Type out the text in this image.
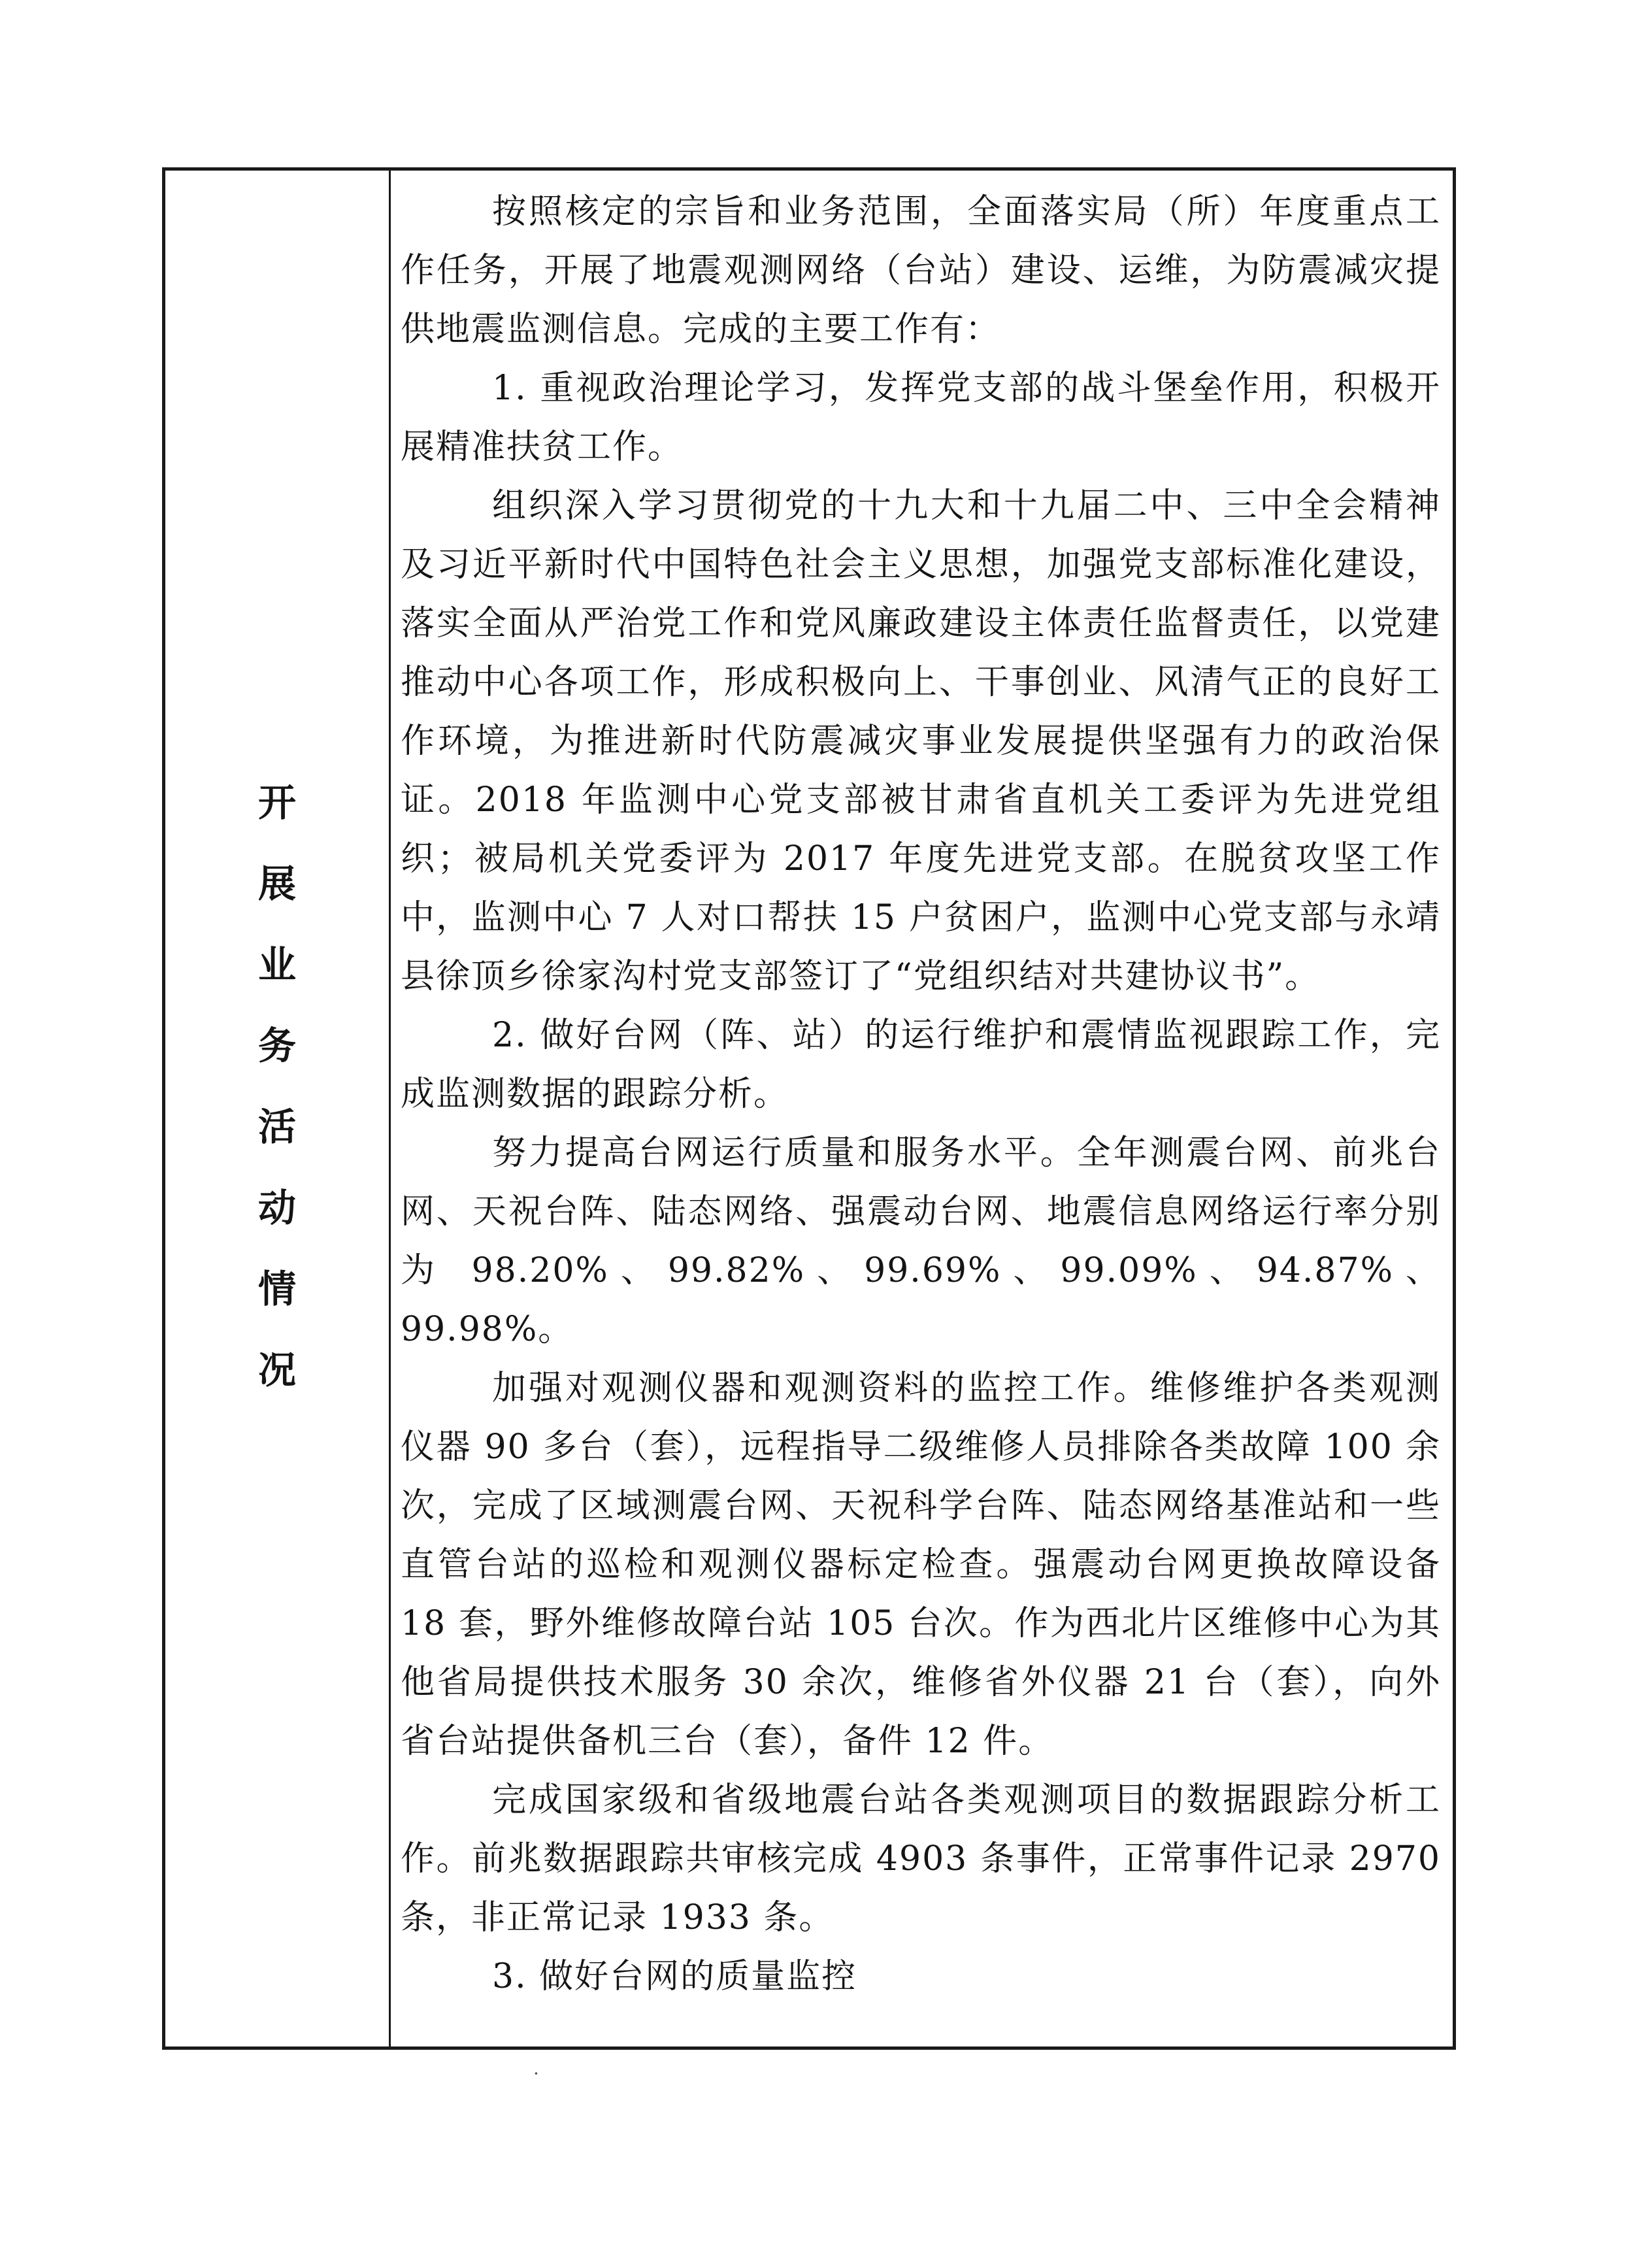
开
展
业
务
活
动
情
况

按照核定的宗旨和业务范围，全面落实局（所）年度重点工作任务，开展了地震观测网络（台站）建设、运维，为防震减灾提供地震监测信息。完成的主要工作有：

1. 重视政治理论学习，发挥党支部的战斗堡垒作用，积极开展精准扶贫工作。

组织深入学习贯彻党的十九大和十九届二中、三中全会精神及习近平新时代中国特色社会主义思想，加强党支部标准化建设，落实全面从严治党工作和党风廉政建设主体责任监督责任，以党建推动中心各项工作，形成积极向上、干事创业、风清气正的良好工作环境，为推进新时代防震减灾事业发展提供坚强有力的政治保证。2018 年监测中心党支部被甘肃省直机关工委评为先进党组织；被局机关党委评为 2017 年度先进党支部。在脱贫攻坚工作中，监测中心 7 人对口帮扶 15 户贫困户，监测中心党支部与永靖县徐顶乡徐家沟村党支部签订了“党组织结对共建协议书”。

2. 做好台网（阵、站）的运行维护和震情监视跟踪工作，完成监测数据的跟踪分析。

努力提高台网运行质量和服务水平。全年测震台网、前兆台网、天祝台阵、陆态网络、强震动台网、地震信息网络运行率分别为 98.20%、99.82%、99.69%、99.09%、94.87%、99.98%。

加强对观测仪器和观测资料的监控工作。维修维护各类观测仪器 90 多台（套），远程指导二级维修人员排除各类故障 100 余次，完成了区域测震台网、天祝科学台阵、陆态网络基准站和一些直管台站的巡检和观测仪器标定检查。强震动台网更换故障设备 18 套，野外维修故障台站 105 台次。作为西北片区维修中心为其他省局提供技术服务 30 余次，维修省外仪器 21 台（套），向外省台站提供备机三台（套），备件 12 件。

完成国家级和省级地震台站各类观测项目的数据跟踪分析工作。前兆数据跟踪共审核完成 4903 条事件，正常事件记录 2970 条，非正常记录 1933 条。

3. 做好台网的质量监控

·
